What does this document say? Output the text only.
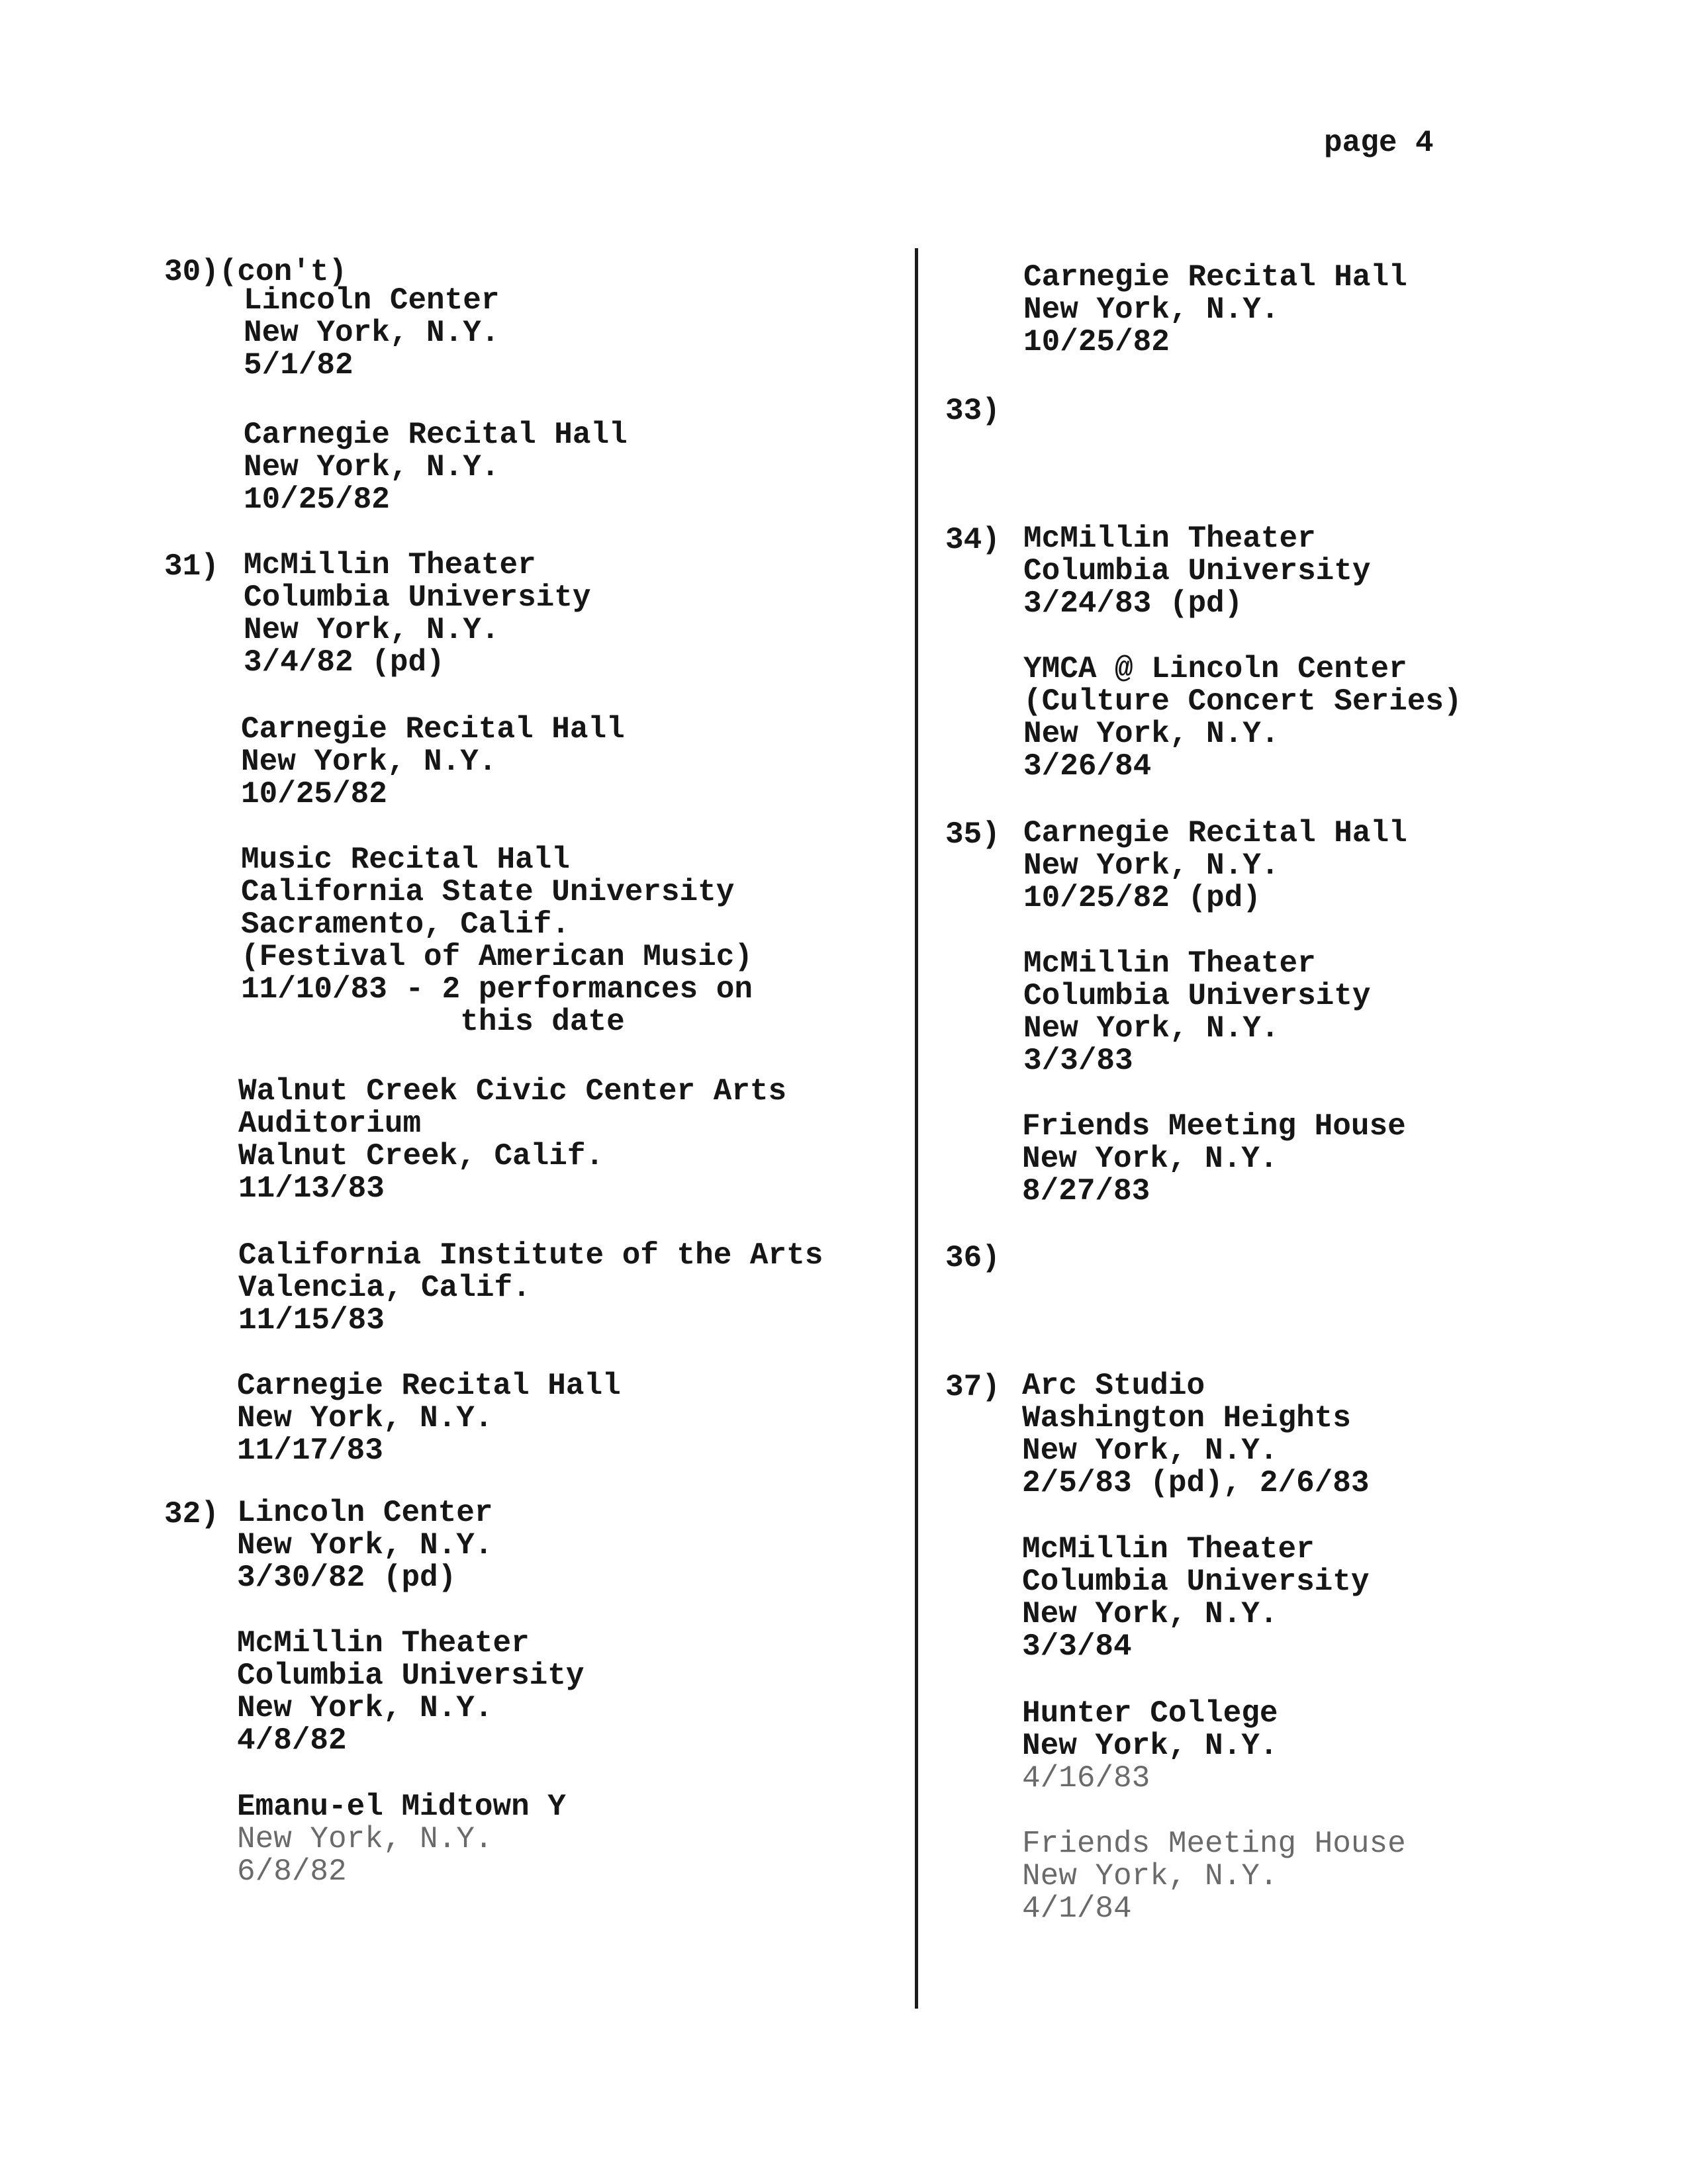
page 4
30)(con't)
Lincoln Center
New York, N.Y.
5/1/82
Carnegie Recital Hall
New York, N.Y.
10/25/82
31) McMillin Theater
Columbia University
New York, N.Y.
3/4/82 (pd)
Carnegie Recital Hall
New York, N.Y.
10/25/82
Music Recital Hall
California State University
Sacramento, Calif.
(Festival of American Music)
11/10/83 - 2 performances on
this date
Walnut Creek Civic Center Arts
Auditorium
Walnut Creek, Calif.
11/13/83
California Institute of the Arts
Valencia, Calif.
11/15/83
Carnegie Recital Hall
New York, N.Y.
11/17/83
32) Lincoln Center
New York, N.Y.
3/30/82 (pd)
McMillin Theater
Columbia University
New York, N.Y.
4/8/82
Emanu-el Midtown Y
New York, N.Y.
6/8/82
Carnegie Recital Hall
New York, N.Y.
10/25/82
33)
34) McMillin Theater
Columbia University
3/24/83 (pd)
YMCA @ Lincoln Center
(Culture Concert Series)
New York, N.Y.
3/26/84
35) Carnegie Recital Hall
New York, N.Y.
10/25/82 (pd)
McMillin Theater
Columbia University
New York, N.Y.
3/3/83
Friends Meeting House
New York, N.Y.
8/27/83
36)
37) Arc Studio
Washington Heights
New York, N.Y.
2/5/83 (pd), 2/6/83
McMillin Theater
Columbia University
New York, N.Y.
3/3/84
Hunter College
New York, N.Y.
4/16/83
Friends Meeting House
New York, N.Y.
4/1/84
